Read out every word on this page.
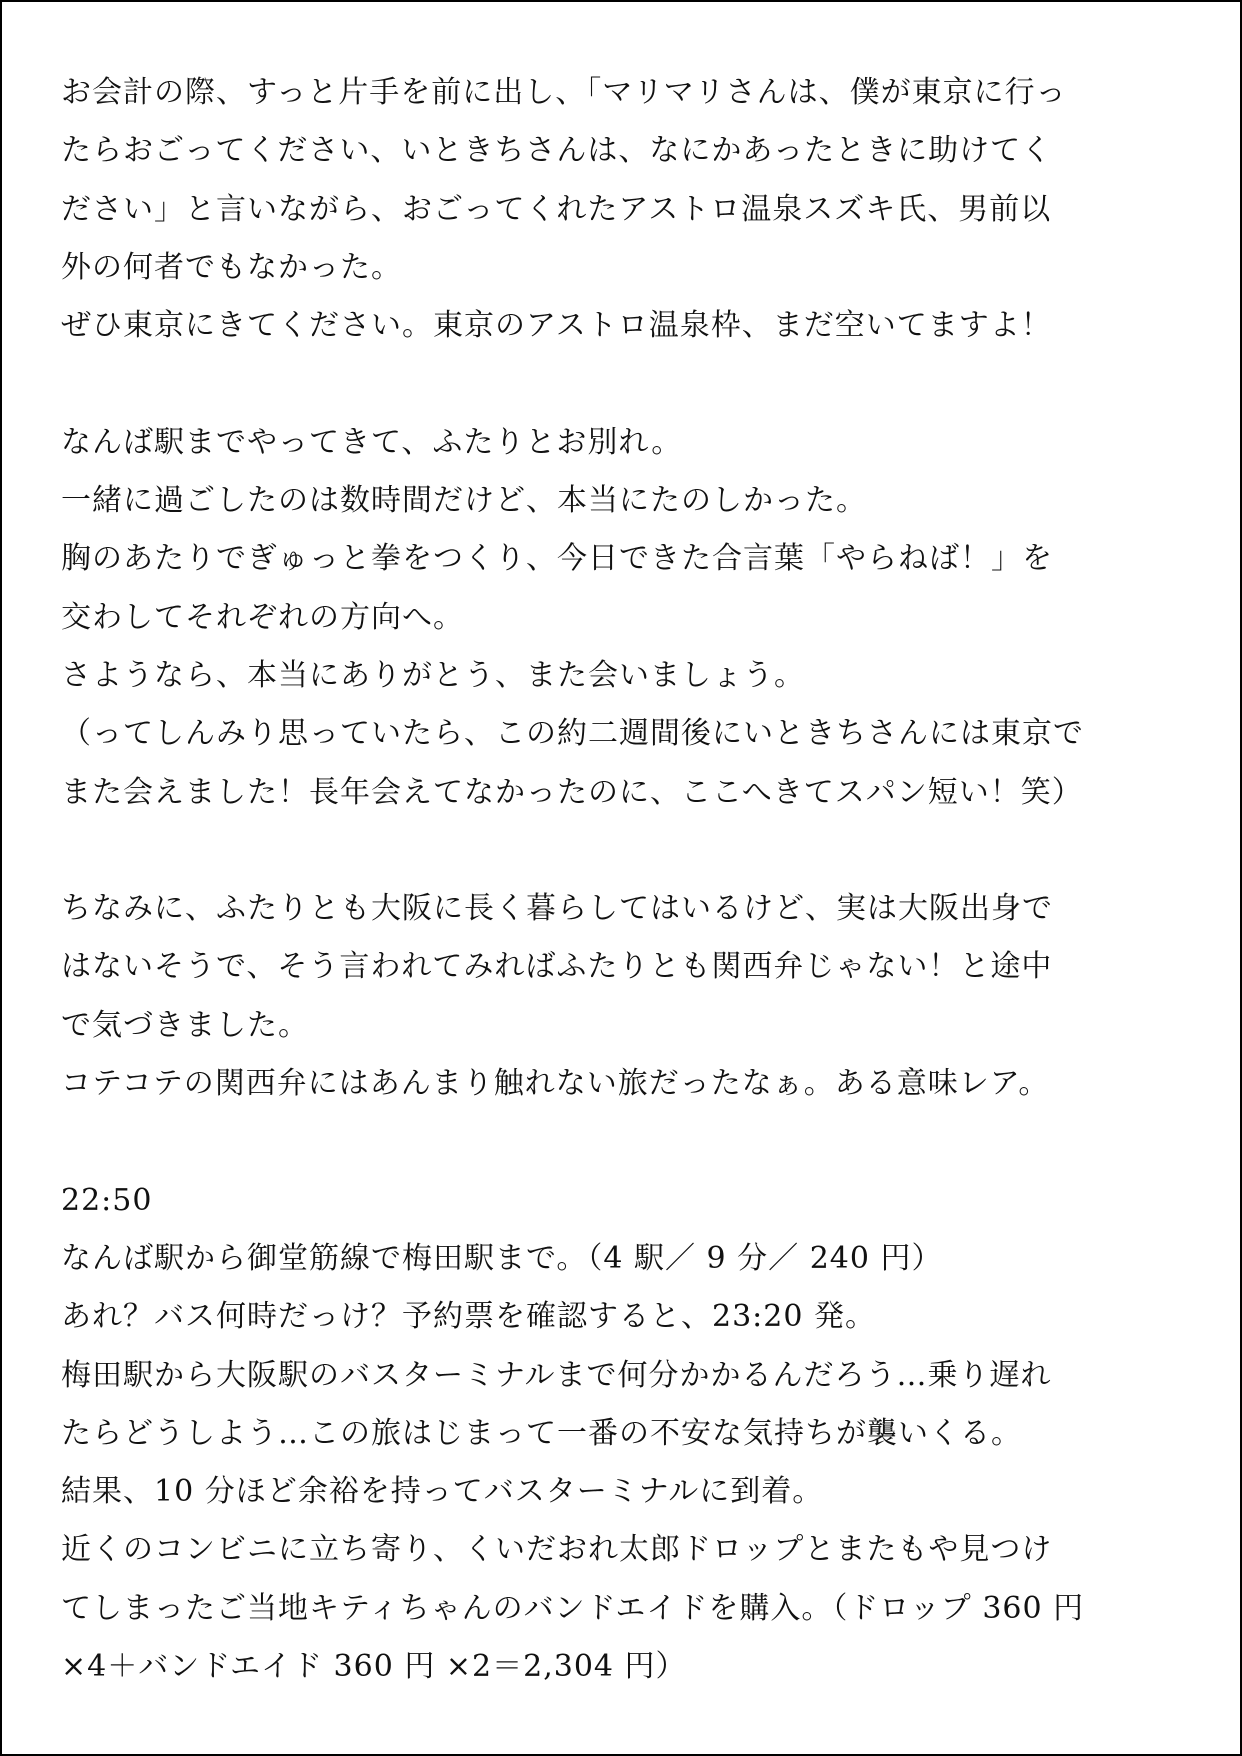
お会計の際、すっと片手を前に出し、「マリマリさんは、僕が東京に行っ
たらおごってください、いときちさんは、なにかあったときに助けてく
ださい」と言いながら、おごってくれたアストロ温泉スズキ氏、男前以
外の何者でもなかった。
ぜひ東京にきてください。東京のアストロ温泉枠、まだ空いてますよ！
なんば駅までやってきて、ふたりとお別れ。
一緒に過ごしたのは数時間だけど、本当にたのしかった。
胸のあたりでぎゅっと拳をつくり、今日できた合言葉「やらねば！」を
交わしてそれぞれの方向へ。
さようなら、本当にありがとう、また会いましょう。
（ってしんみり思っていたら、この約二週間後にいときちさんには東京で
また会えました！長年会えてなかったのに、ここへきてスパン短い！笑）
ちなみに、ふたりとも大阪に長く暮らしてはいるけど、実は大阪出身で
はないそうで、そう言われてみればふたりとも関西弁じゃない！と途中
で気づきました。
コテコテの関西弁にはあんまり触れない旅だったなぁ。ある意味レア。
22:50
なんば駅から御堂筋線で梅田駅まで。（4 駅／ 9 分／ 240 円）
あれ？バス何時だっけ？予約票を確認すると、23:20 発。
梅田駅から大阪駅のバスターミナルまで何分かかるんだろう…乗り遅れ
たらどうしよう…この旅はじまって一番の不安な気持ちが襲いくる。
結果、10 分ほど余裕を持ってバスターミナルに到着。
近くのコンビニに立ち寄り、くいだおれ太郎ドロップとまたもや見つけ
てしまったご当地キティちゃんのバンドエイドを購入。（ドロップ 360 円
×4＋バンドエイド 360 円 ×2＝2,304 円）
